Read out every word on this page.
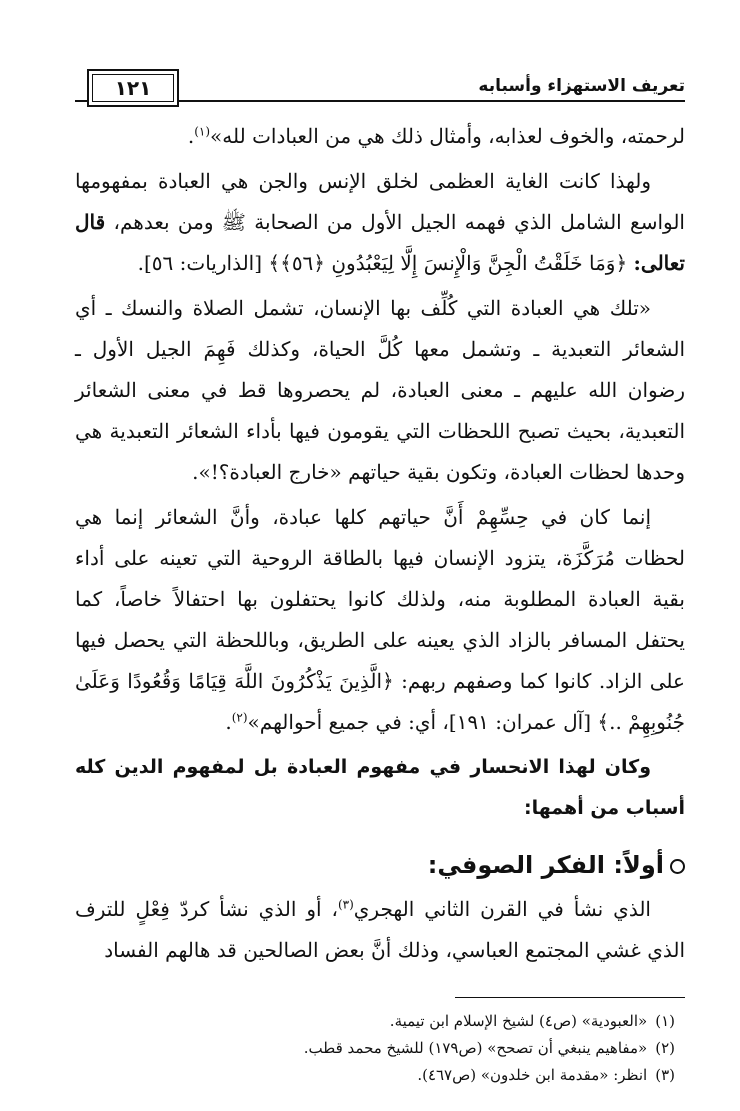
تعريف الاستهزاء وأسبابه
١٢١

لرحمته، والخوف لعذابه، وأمثال ذلك هي من العبادات لله»$^{(١)}$.

ولهذا كانت الغاية العظمى لخلق الإنس والجن هي العبادة بمفهومها الواسع الشامل الذي فهمه الجيل الأول من الصحابة ﷺ ومن بعدهم، قال تعالى: ﴿وَمَا خَلَقْتُ الْجِنَّ وَالْإِنسَ إِلَّا لِيَعْبُدُونِ ﴿٥٦﴾﴾ [الذاريات: ٥٦].

«تلك هي العبادة التي كُلِّف بها الإنسان، تشمل الصلاة والنسك ـ أي الشعائر التعبدية ـ وتشمل معها كُلَّ الحياة، وكذلك فَهِمَ الجيل الأول ـ رضوان الله عليهم ـ معنى العبادة، لم يحصروها قط في معنى الشعائر التعبدية، بحيث تصبح اللحظات التي يقومون فيها بأداء الشعائر التعبدية هي وحدها لحظات العبادة، وتكون بقية حياتهم «خارج العبادة؟!».

إنما كان في حِسِّهِمْ أَنَّ حياتهم كلها عبادة، وأنَّ الشعائر إنما هي لحظات مُرَكَّزَة، يتزود الإنسان فيها بالطاقة الروحية التي تعينه على أداء بقية العبادة المطلوبة منه، ولذلك كانوا يحتفلون بها احتفالاً خاصاً، كما يحتفل المسافر بالزاد الذي يعينه على الطريق، وباللحظة التي يحصل فيها على الزاد. كانوا كما وصفهم ربهم: ﴿الَّذِينَ يَذْكُرُونَ اللَّهَ قِيَامًا وَقُعُودًا وَعَلَىٰ جُنُوبِهِمْ ..﴾ [آل عمران: ١٩١]، أي: في جميع أحوالهم»$^{(٢)}$.

وكان لهذا الانحسار في مفهوم العبادة بل لمفهوم الدين كله أسباب من أهمها:

أولاً: الفكر الصوفي:

الذي نشأ في القرن الثاني الهجري$^{(٣)}$، أو الذي نشأ كردّ فِعْلٍ للترف الذي غشي المجتمع العباسي، وذلك أنَّ بعض الصالحين قد هالهم الفساد

(١)«العبودية» (ص٤) لشيخ الإسلام ابن تيمية.
(٢)«مفاهيم ينبغي أن تصحح» (ص١٧٩) للشيخ محمد قطب.
(٣)انظر: «مقدمة ابن خلدون» (ص٤٦٧).
